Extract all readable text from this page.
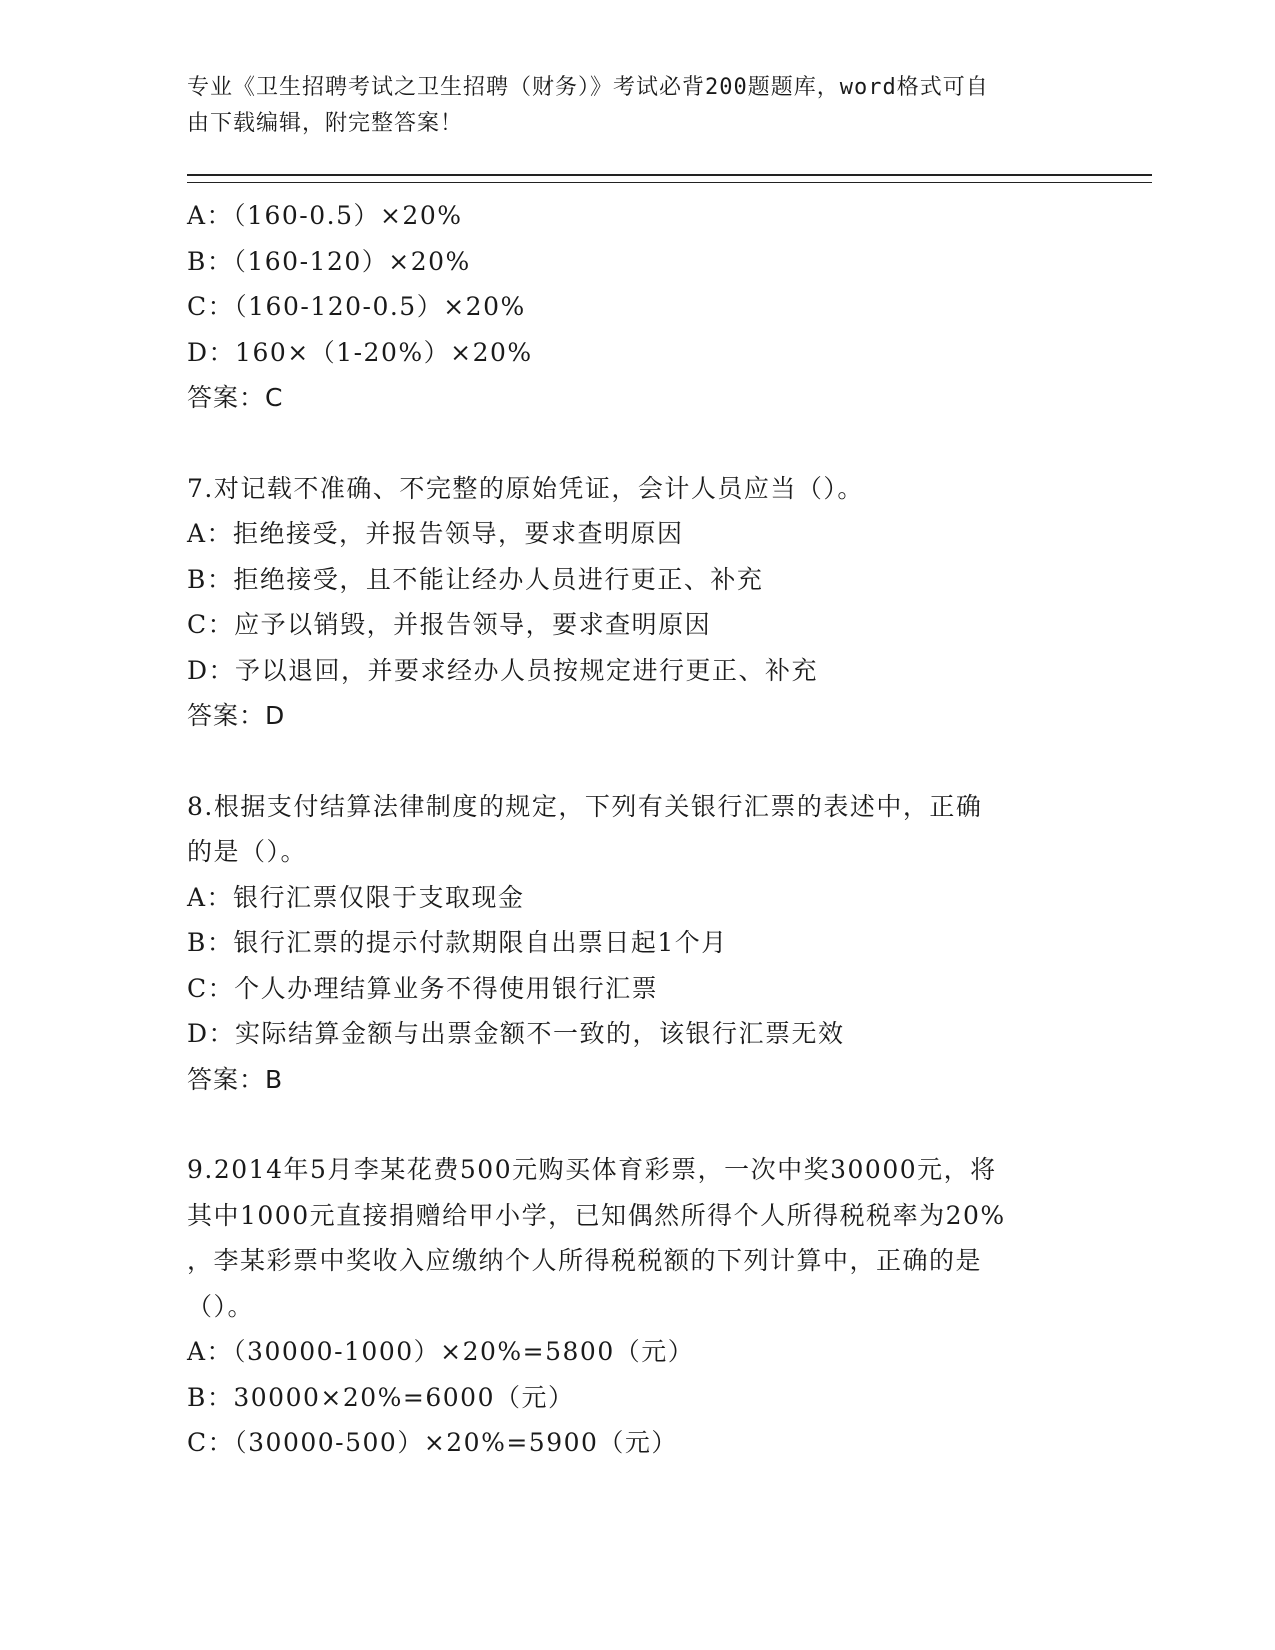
专业《卫生招聘考试之卫生招聘（财务）》考试必背200题题库，word格式可自
由下载编辑，附完整答案！
A：（160-0.5）×20%
B：（160-120）×20%
C：（160-120-0.5）×20%
D：160×（1-20%）×20%
答案：C
7.对记载不准确、不完整的原始凭证，会计人员应当（）。
A：拒绝接受，并报告领导，要求查明原因
B：拒绝接受，且不能让经办人员进行更正、补充
C：应予以销毁，并报告领导，要求查明原因
D：予以退回，并要求经办人员按规定进行更正、补充
答案：D
8.根据支付结算法律制度的规定，下列有关银行汇票的表述中，正确
的是（）。
A：银行汇票仅限于支取现金
B：银行汇票的提示付款期限自出票日起1个月
C：个人办理结算业务不得使用银行汇票
D：实际结算金额与出票金额不一致的，该银行汇票无效
答案：B
9.2014年5月李某花费500元购买体育彩票，一次中奖30000元，将
其中1000元直接捐赠给甲小学，已知偶然所得个人所得税税率为20%
，李某彩票中奖收入应缴纳个人所得税税额的下列计算中，正确的是
（）。
A：（30000-1000）×20%=5800（元）
B：30000×20%=6000（元）
C：（30000-500）×20%=5900（元）
